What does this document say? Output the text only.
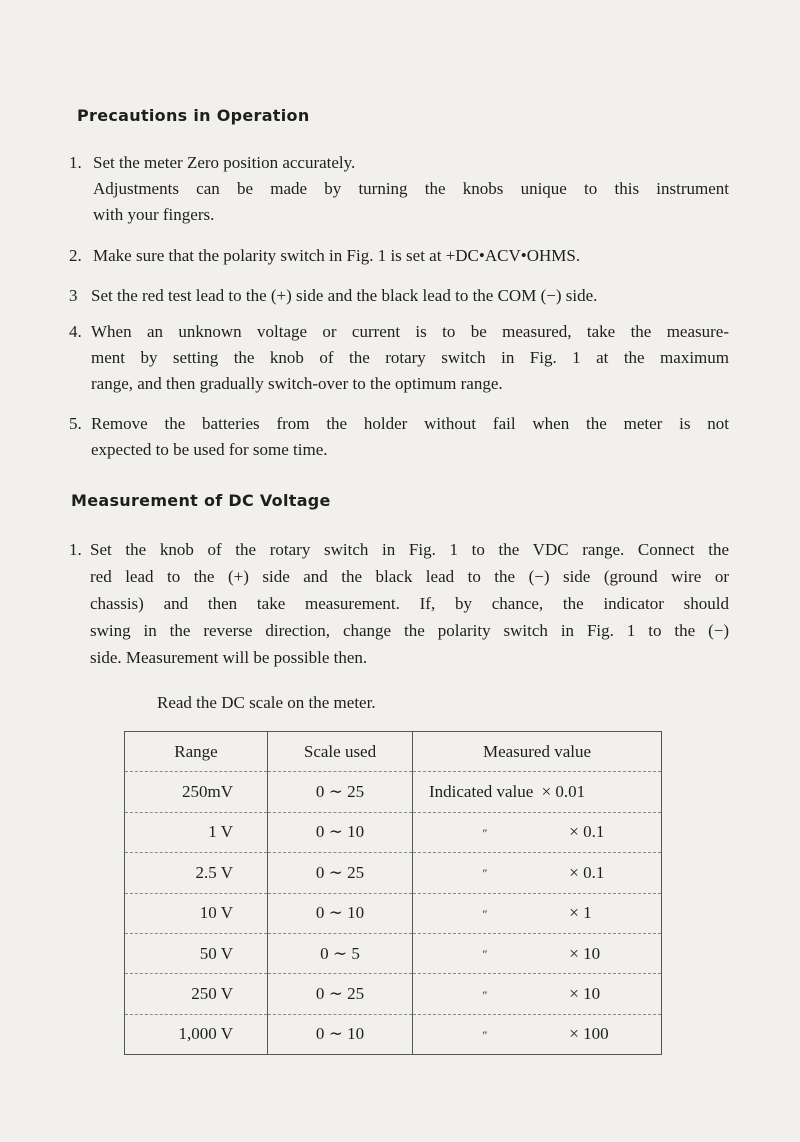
Precautions in Operation
1. Set the meter Zero position accurately.
Adjustments can be made by turning the knobs unique to this instrument
with your fingers.
2. Make sure that the polarity switch in Fig. 1 is set at +DC•ACV•OHMS.
3 Set the red test lead to the (+) side and the black lead to the COM (−) side.
4. When an unknown voltage or current is to be measured, take the measure-
ment by setting the knob of the rotary switch in Fig. 1 at the maximum
range, and then gradually switch-over to the optimum range.
5. Remove the batteries from the holder without fail when the meter is not
expected to be used for some time.
Measurement of DC Voltage
1. Set the knob of the rotary switch in Fig. 1 to the VDC range. Connect the
red lead to the (+) side and the black lead to the (−) side (ground wire or
chassis) and then take measurement. If, by chance, the indicator should
swing in the reverse direction, change the polarity switch in Fig. 1 to the (−)
side. Measurement will be possible then.

Read the DC scale on the meter.

Range	Scale used	Measured value
250mV	0 ∼ 25	Indicated value × 0.01
1 V	0 ∼ 10	″ × 0.1
2.5 V	0 ∼ 25	″ × 0.1
10 V	0 ∼ 10	″ × 1
50 V	0 ∼ 5	″ × 10
250 V	0 ∼ 25	″ × 10
1,000 V	0 ∼ 10	″ × 100
